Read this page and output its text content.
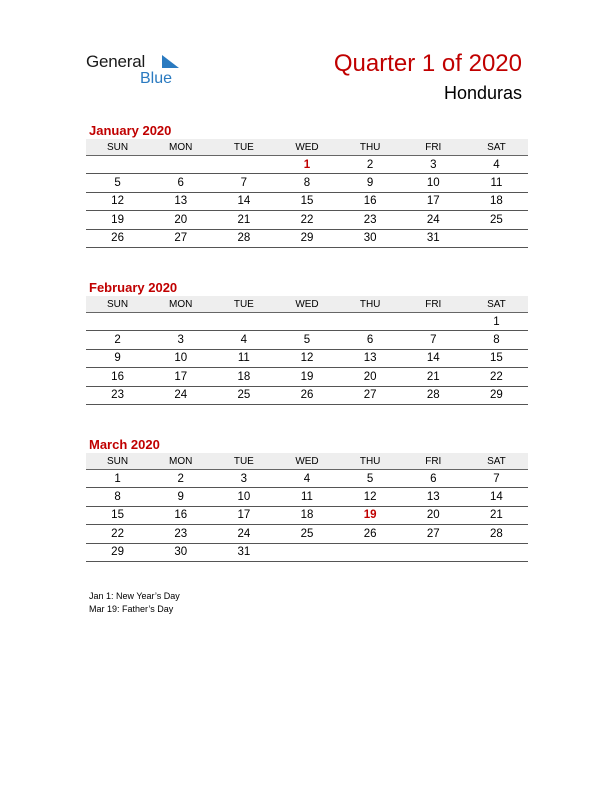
General
Blue
Quarter 1 of 2020
Honduras
January 2020
SUN	MON	TUE	WED	THU	FRI	SAT
			1	2	3	4
5	6	7	8	9	10	11
12	13	14	15	16	17	18
19	20	21	22	23	24	25
26	27	28	29	30	31	
February 2020
SUN	MON	TUE	WED	THU	FRI	SAT
						1
2	3	4	5	6	7	8
9	10	11	12	13	14	15
16	17	18	19	20	21	22
23	24	25	26	27	28	29
March 2020
SUN	MON	TUE	WED	THU	FRI	SAT
1	2	3	4	5	6	7
8	9	10	11	12	13	14
15	16	17	18	19	20	21
22	23	24	25	26	27	28
29	30	31				
Jan 1: New Year’s Day
Mar 19: Father’s Day
